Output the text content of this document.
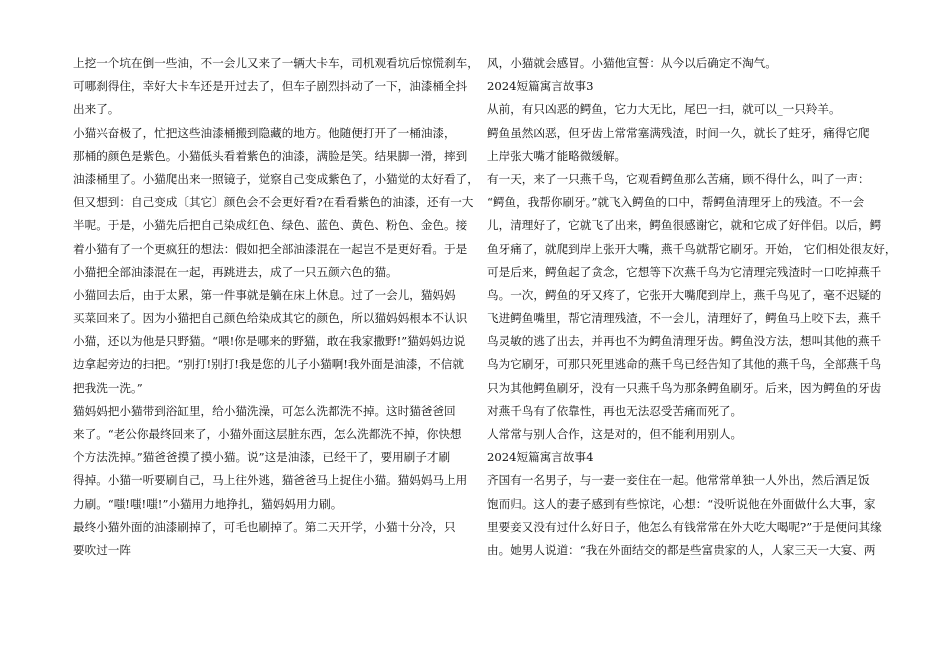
上挖一个坑在倒一些油，不一会儿又来了一辆大卡车，司机观看坑后惊慌刹车，
可哪刹得住，幸好大卡车还是开过去了，但车子剧烈抖动了一下，油漆桶全抖
出来了。
小猫兴奋极了，忙把这些油漆桶搬到隐藏的地方。他随便打开了一桶油漆，
那桶的颜色是紫色。小猫低头看着紫色的油漆，满脸是笑。结果脚一滑，摔到
油漆桶里了。小猫爬出来一照镜子，觉察自己变成紫色了，小猫觉的太好看了，
但又想到：自己变成〔其它〕颜色会不会更好看?在看看紫色的油漆，还有一大
半呢。于是，小猫先后把自己染成红色、绿色、蓝色、黄色、粉色、金色。接
着小猫有了一个更疯狂的想法：假如把全部油漆混在一起岂不是更好看。于是
小猫把全部油漆混在一起，再跳进去，成了一只五颜六色的猫。
小猫回去后，由于太累，第一件事就是躺在床上休息。过了一会儿，猫妈妈
买菜回来了。因为小猫把自己颜色给染成其它的颜色，所以猫妈妈根本不认识
小猫，还以为他是只野猫。“喂!你是哪来的野猫，敢在我家撒野!”猫妈妈边说
边拿起旁边的扫把。“别打!别打!我是您的儿子小猫啊!我外面是油漆，不信就
把我洗一洗。”
猫妈妈把小猫带到浴缸里，给小猫洗澡，可怎么洗都洗不掉。这时猫爸爸回
来了。“老公你最终回来了，小猫外面这层脏东西，怎么洗都洗不掉，你快想
个方法洗掉。”猫爸爸摸了摸小猫。说”这是油漆，已经干了，要用刷子才刷
得掉。小猫一听要刷自己，马上往外逃，猫爸爸马上捉住小猫。猫妈妈马上用
力刷。“嗤!嗤!嗤!”小猫用力地挣扎，猫妈妈用力刷。
最终小猫外面的油漆刷掉了，可毛也刷掉了。第二天开学，小猫十分冷，只
要吹过一阵
风，小猫就会感冒。小猫他宣誓：从今以后确定不淘气。
2024短篇寓言故事3
从前，有只凶恶的鳄鱼，它力大无比，尾巴一扫，就可以_一只羚羊。
鳄鱼虽然凶恶，但牙齿上常常塞满残渣，时间一久，就长了蛀牙，痛得它爬
上岸张大嘴才能略微缓解。
有一天，来了一只燕千鸟，它观看鳄鱼那么苦痛，顾不得什么，叫了一声：
“鳄鱼，我帮你刷牙。”就飞入鳄鱼的口中，帮鳄鱼清理牙上的残渣。不一会
儿，清理好了，它就飞了出来，鳄鱼很感谢它，就和它成了好伴侣。以后，鳄
鱼牙痛了，就爬到岸上张开大嘴，燕千鸟就帮它刷牙。开始， 它们相处很友好，
可是后来，鳄鱼起了贪念，它想等下次燕千鸟为它清理完残渣时一口吃掉燕千
鸟。一次，鳄鱼的牙又疼了，它张开大嘴爬到岸上，燕千鸟见了，毫不迟疑的
飞进鳄鱼嘴里，帮它清理残渣，不一会儿，清理好了，鳄鱼马上咬下去，燕千
鸟灵敏的逃了出去，并再也不为鳄鱼清理牙齿。鳄鱼没方法，想叫其他的燕千
鸟为它刷牙，可那只死里逃命的燕千鸟已经告知了其他的燕千鸟，全部燕千鸟
只为其他鳄鱼刷牙，没有一只燕千鸟为那条鳄鱼刷牙。后来，因为鳄鱼的牙齿
对燕千鸟有了依靠性，再也无法忍受苦痛而死了。
人常常与别人合作，这是对的，但不能利用别人。
2024短篇寓言故事4
齐国有一名男子，与一妻一妾住在一起。他常常单独一人外出，然后酒足饭
饱而归。这人的妻子感到有些惊诧，心想：“没听说他在外面做什么大事，家
里要妾又没有过什么好日子，他怎么有钱常常在外大吃大喝呢?”于是便问其缘
由。她男人说道：“我在外面结交的都是些富贵家的人，人家三天一大宴、两
